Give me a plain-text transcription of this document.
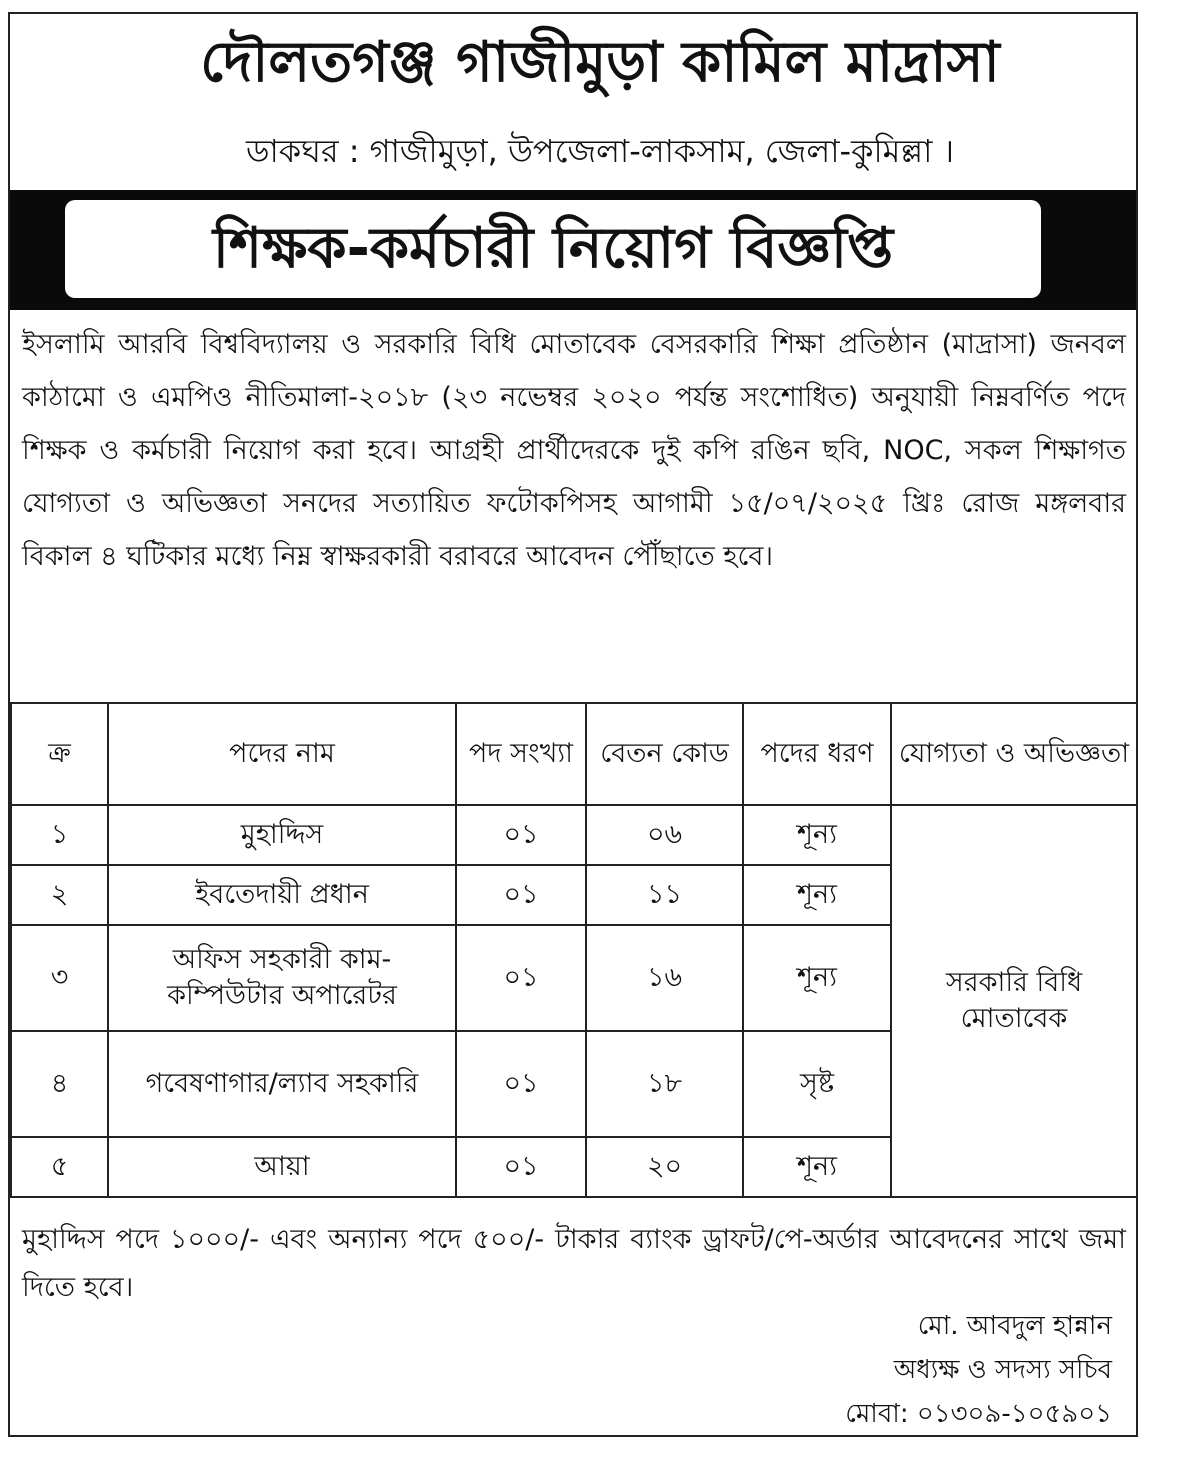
দৌলতগঞ্জ গাজীমুড়া কামিল মাদ্রাসা
ডাকঘর : গাজীমুড়া, উপজেলা-লাকসাম, জেলা-কুমিল্লা ।
শিক্ষক-কর্মচারী নিয়োগ বিজ্ঞপ্তি
ইসলামি আরবি বিশ্ববিদ্যালয় ও সরকারি বিধি মোতাবেক বেসরকারি শিক্ষা প্রতিষ্ঠান (মাদ্রাসা) জনবল কাঠামো ও এমপিও নীতিমালা-২০১৮ (২৩ নভেম্বর ২০২০ পর্যন্ত সংশোধিত) অনুযায়ী নিম্নবর্ণিত পদে শিক্ষক ও কর্মচারী নিয়োগ করা হবে। আগ্রহী প্রার্থীদেরকে দুই কপি রঙিন ছবি, NOC, সকল শিক্ষাগত যোগ্যতা ও অভিজ্ঞতা সনদের সত্যায়িত ফটোকপিসহ আগামী ১৫/০৭/২০২৫ খ্রিঃ রোজ মঙ্গলবার বিকাল ৪ ঘটিকার মধ্যে নিম্ন স্বাক্ষরকারী বরাবরে আবেদন পৌঁছাতে হবে।
ক্র	পদের নাম	পদ সংখ্যা	বেতন কোড	পদের ধরণ	যোগ্যতা ও অভিজ্ঞতা
১	মুহাদ্দিস	০১	০৬	শূন্য	সরকারি বিধি মোতাবেক
২	ইবতেদায়ী প্রধান	০১	১১	শূন্য	
৩	অফিস সহকারী কাম-কম্পিউটার অপারেটর	০১	১৬	শূন্য	
৪	গবেষণাগার/ল্যাব সহকারি	০১	১৮	সৃষ্ট	
৫	আয়া	০১	২০	শূন্য	
মুহাদ্দিস পদে ১০০০/- এবং অন্যান্য পদে ৫০০/- টাকার ব্যাংক ড্রাফট/পে-অর্ডার আবেদনের সাথে জমা দিতে হবে।
মো. আবদুল হান্নান
অধ্যক্ষ ও সদস্য সচিব
মোবা: ০১৩০৯-১০৫৯০১
